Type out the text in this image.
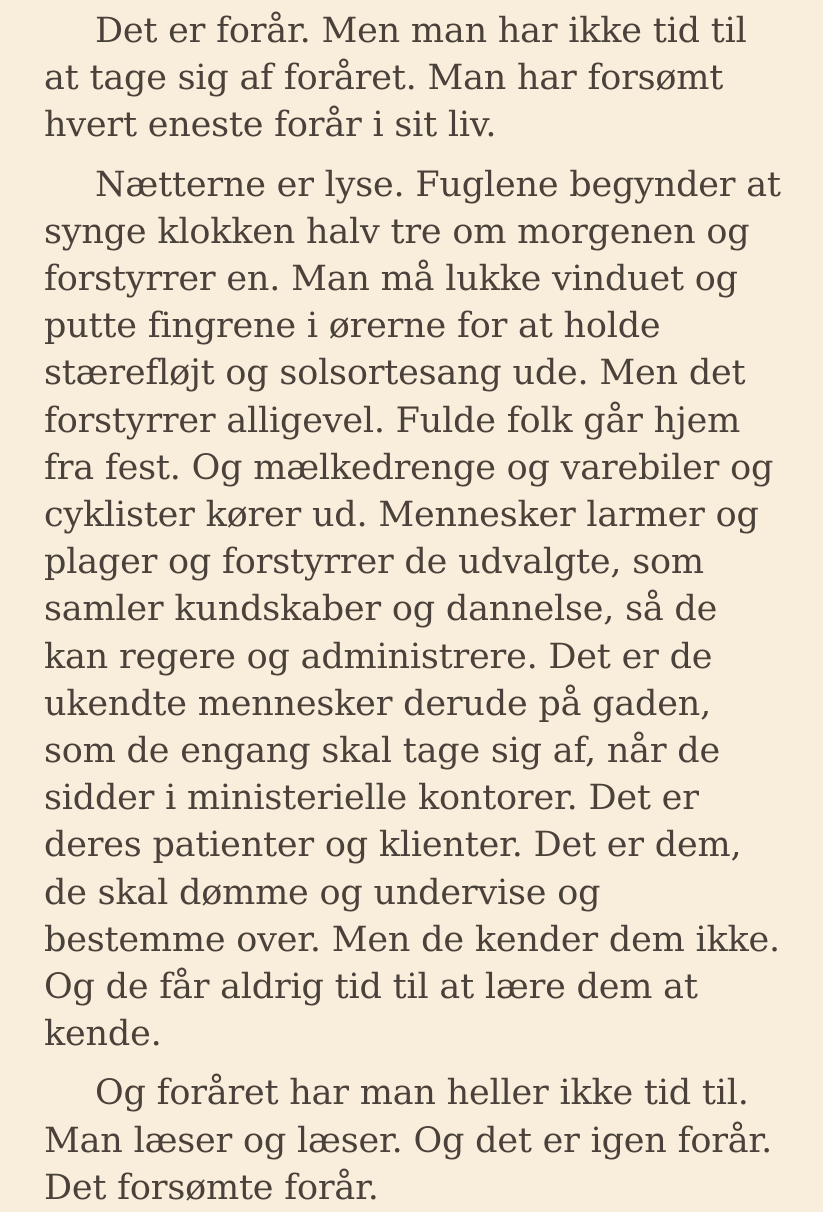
Det er forår. Men man har ikke tid til at tage sig af foråret. Man har forsømt hvert eneste forår i sit liv.

Nætterne er lyse. Fuglene begynder at synge klokken halv tre om morgenen og forstyrrer en. Man må lukke vinduet og putte fingrene i ørerne for at holde stærefløjt og solsortesang ude. Men det forstyrrer alligevel. Fulde folk går hjem fra fest. Og mælkedrenge og varebiler og cyklister kører ud. Mennesker larmer og plager og forstyrrer de udvalgte, som samler kundskaber og dannelse, så de kan regere og administrere. Det er de ukendte mennesker derude på gaden, som de engang skal tage sig af, når de sidder i ministerielle kontorer. Det er deres patienter og klienter. Det er dem, de skal dømme og undervise og bestemme over. Men de kender dem ikke. Og de får aldrig tid til at lære dem at kende.

Og foråret har man heller ikke tid til. Man læser og læser. Og det er igen forår. Det forsømte forår.
